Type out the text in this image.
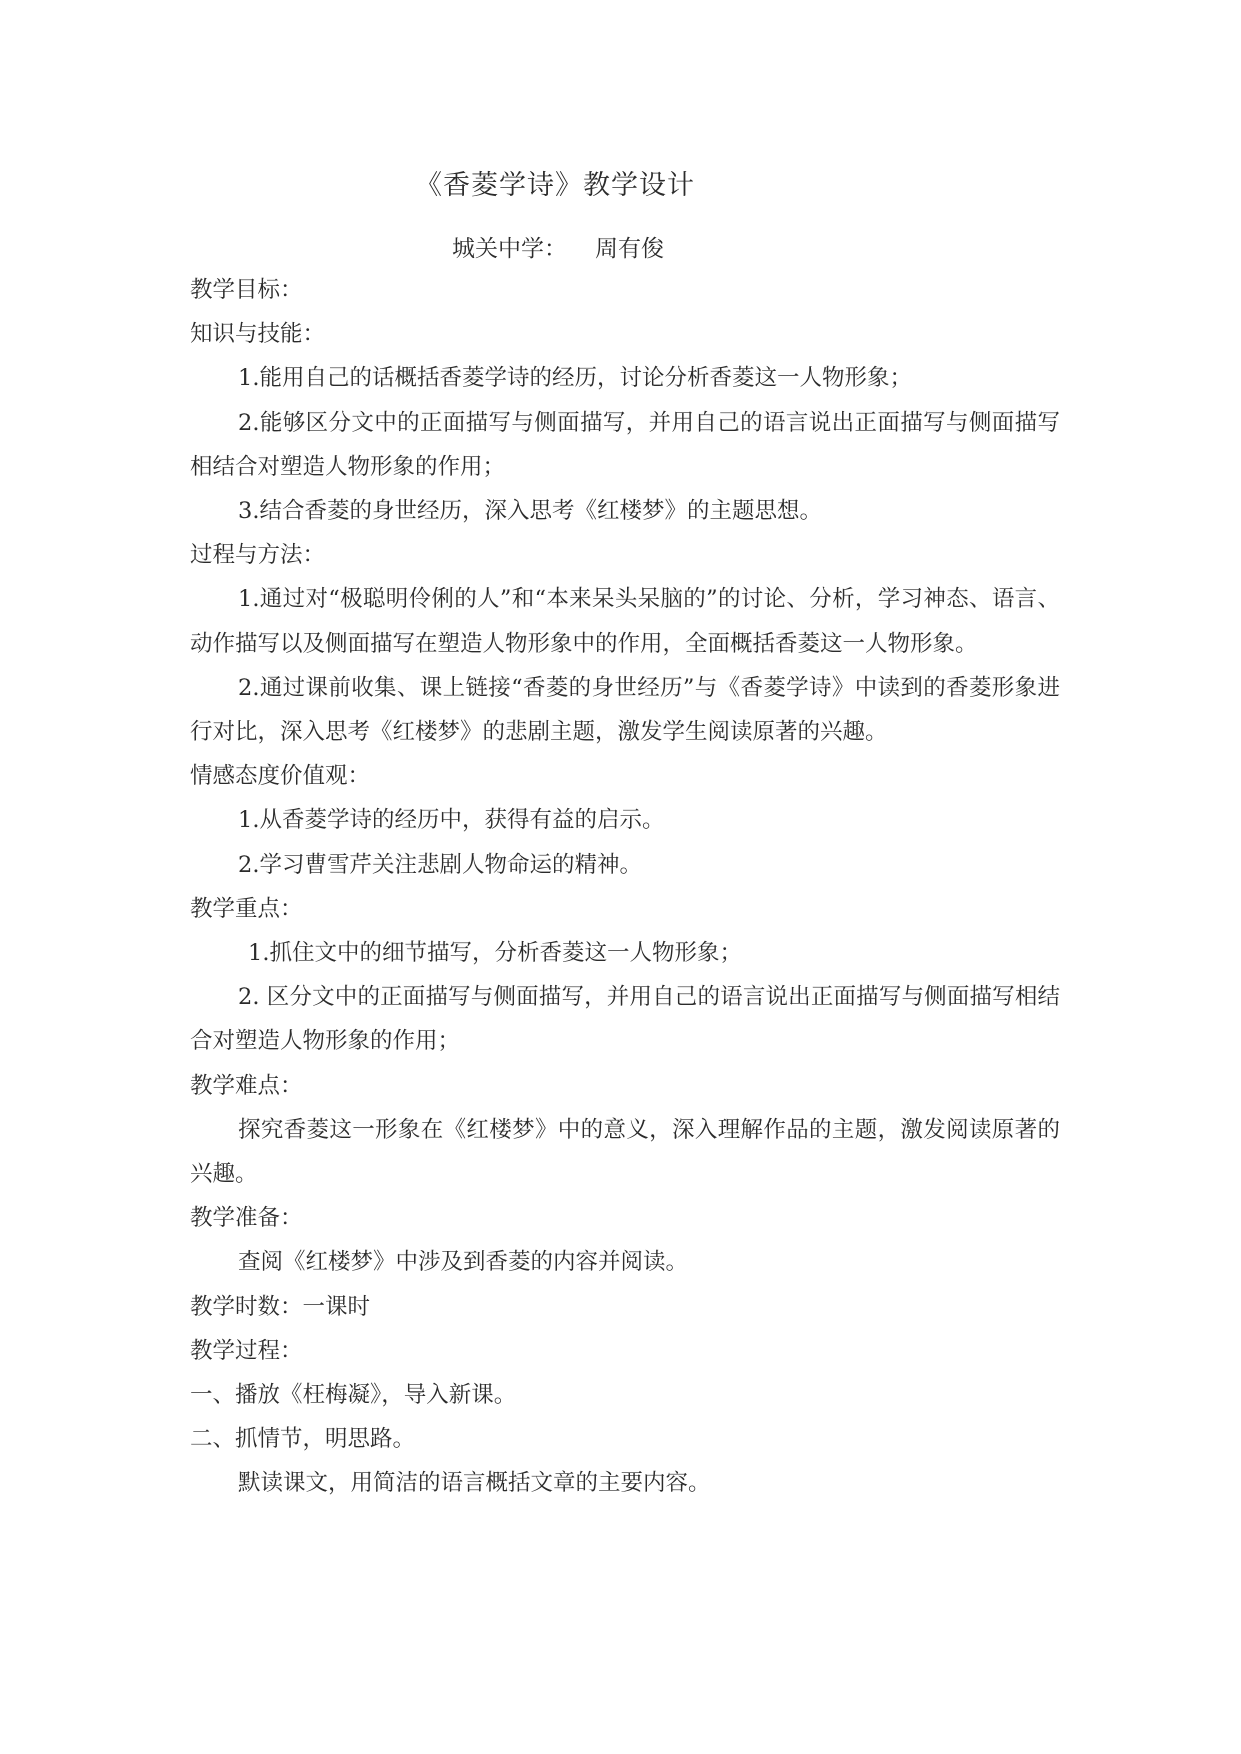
《香菱学诗》教学设计
城关中学： 周有俊

教学目标：

知识与技能：

1.能用自己的话概括香菱学诗的经历，讨论分析香菱这一人物形象；

2.能够区分文中的正面描写与侧面描写，并用自己的语言说出正面描写与侧面描写相结合对塑造人物形象的作用；

3.结合香菱的身世经历，深入思考《红楼梦》的主题思想。

过程与方法：

1.通过对“极聪明伶俐的人”和“本来呆头呆脑的”的讨论、分析，学习神态、语言、动作描写以及侧面描写在塑造人物形象中的作用，全面概括香菱这一人物形象。

2.通过课前收集、课上链接“香菱的身世经历”与《香菱学诗》中读到的香菱形象进行对比，深入思考《红楼梦》的悲剧主题，激发学生阅读原著的兴趣。

情感态度价值观：

1.从香菱学诗的经历中，获得有益的启示。

2.学习曹雪芹关注悲剧人物命运的精神。

教学重点：

1.抓住文中的细节描写，分析香菱这一人物形象；

2. 区分文中的正面描写与侧面描写，并用自己的语言说出正面描写与侧面描写相结合对塑造人物形象的作用；

教学难点：

探究香菱这一形象在《红楼梦》中的意义，深入理解作品的主题，激发阅读原著的兴趣。

教学准备：

查阅《红楼梦》中涉及到香菱的内容并阅读。

教学时数：一课时

教学过程：

一、播放《枉梅凝》，导入新课。

二、抓情节，明思路。

默读课文，用简洁的语言概括文章的主要内容。
